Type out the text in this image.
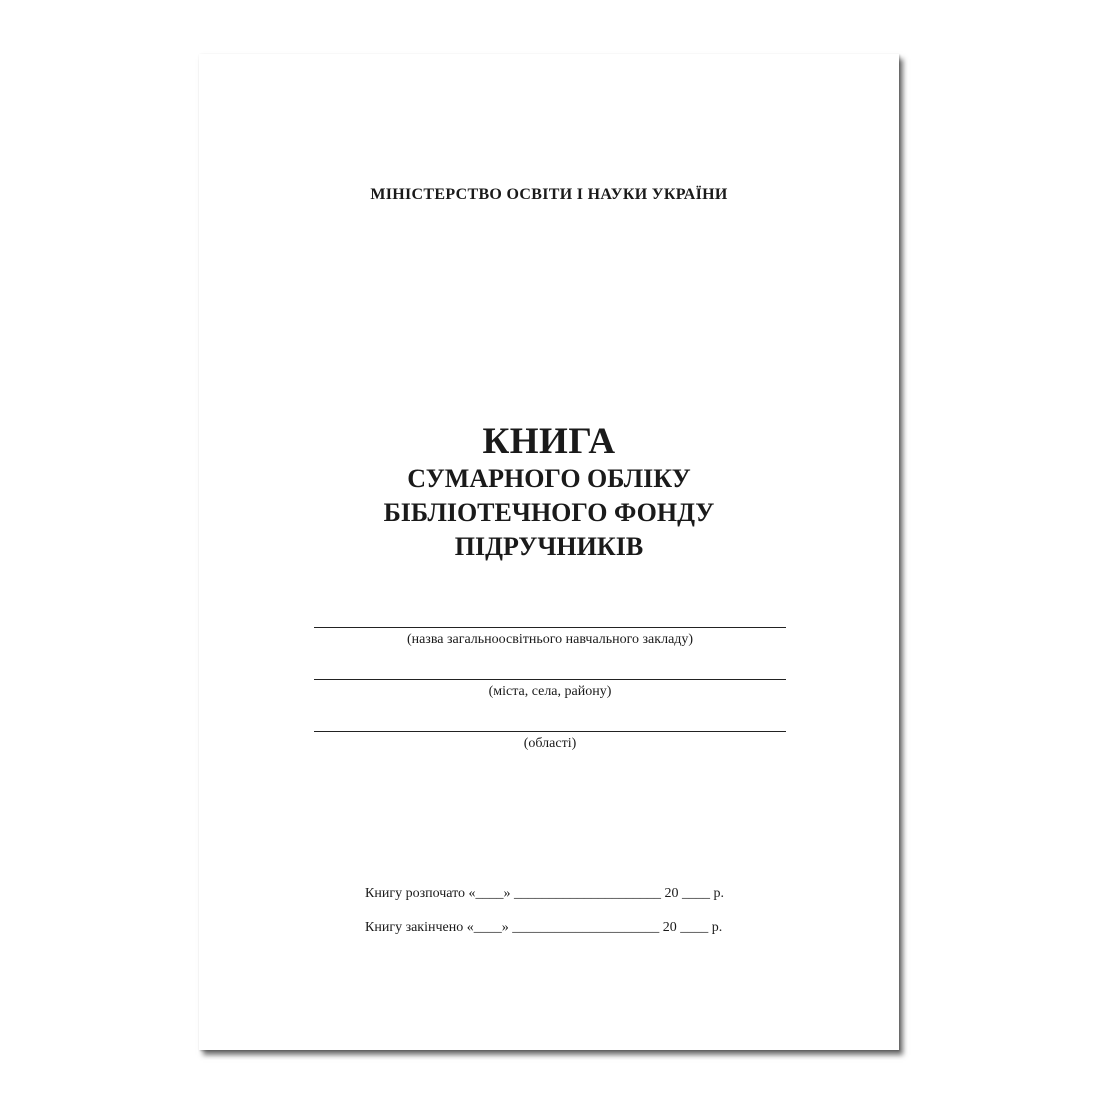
МІНІСТЕРСТВО ОСВІТИ І НАУКИ УКРАЇНИ
КНИГА
СУМАРНОГО ОБЛІКУ
БІБЛІОТЕЧНОГО ФОНДУ
ПІДРУЧНИКІВ
(назва загальноосвітнього навчального закладу)
(міста, села, району)
(області)
Книгу розпочато «____» _____________________ 20 ____ р.
Книгу закінчено «____» _____________________ 20 ____ р.
